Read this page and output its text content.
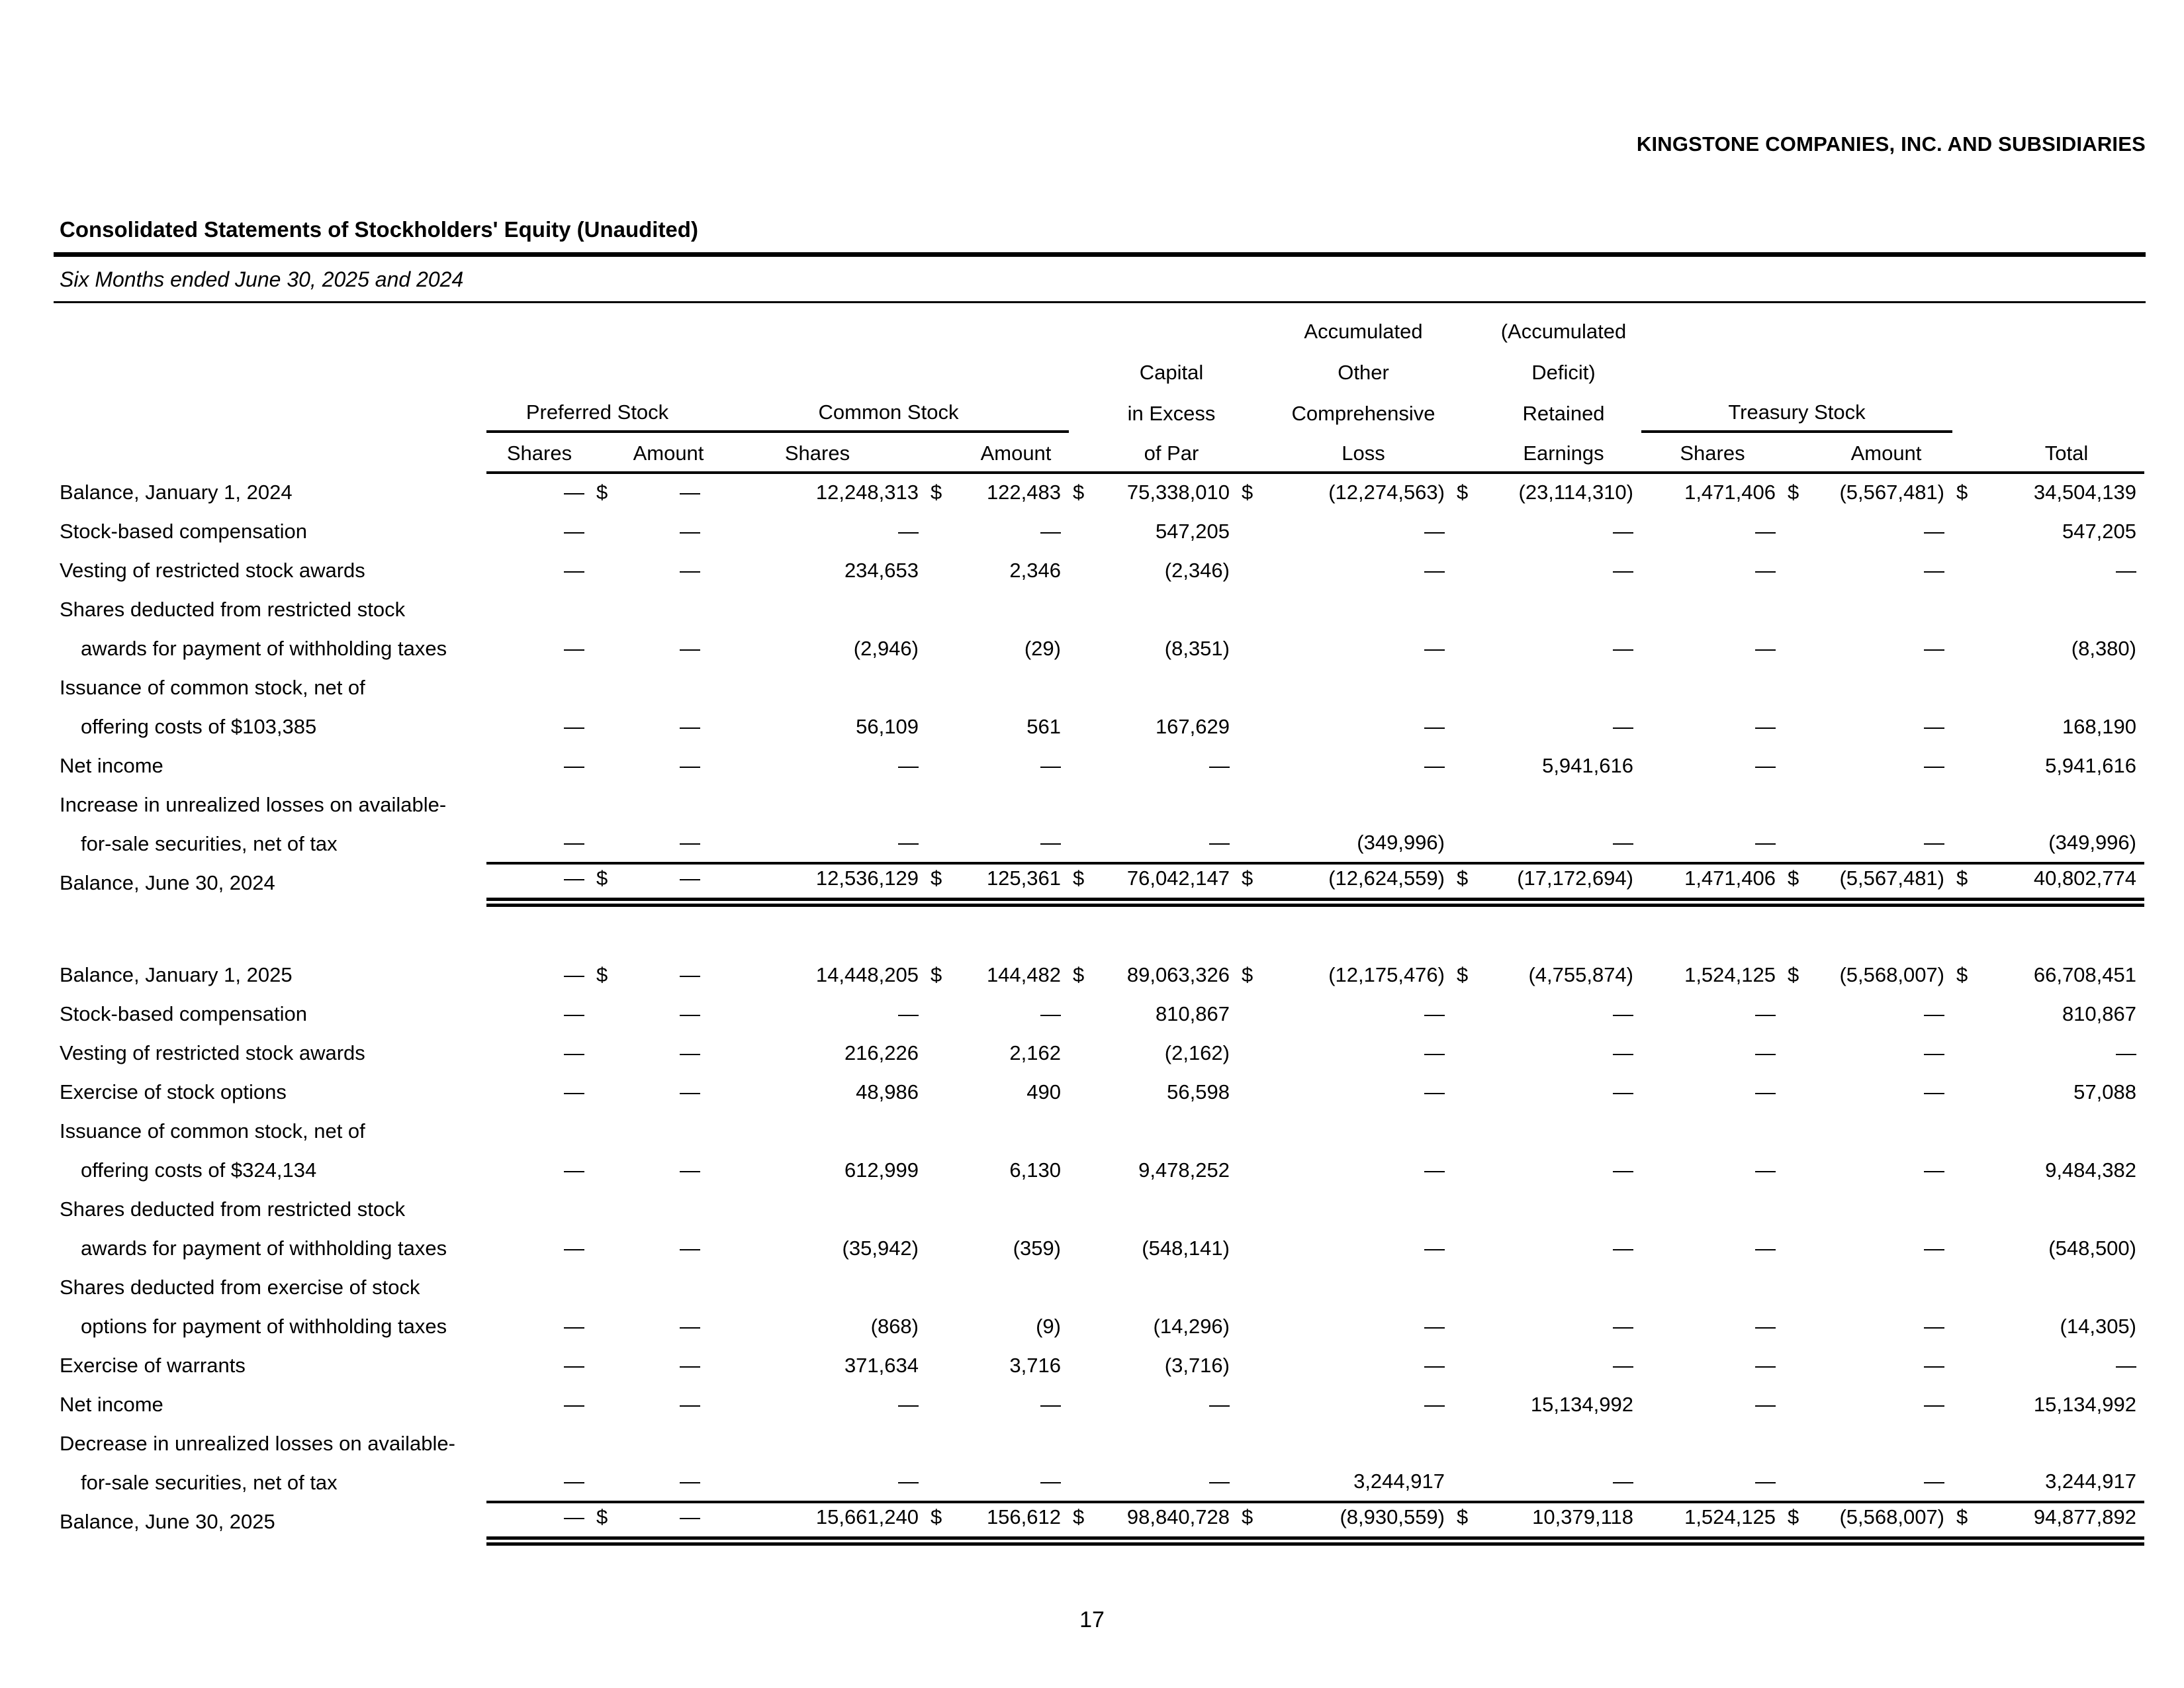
KINGSTONE COMPANIES, INC. AND SUBSIDIARIES
Consolidated Statements of Stockholders' Equity (Unaudited)
Six Months ended June 30, 2025 and 2024
										Accumulated		(Accumulated					
								Capital		Other		Deficit)					
	Preferred Stock			Common Stock				in Excess		Comprehensive		Retained	Treasury Stock				
	Shares		Amount	Shares		Amount		of Par		Loss		Earnings	Shares		Amount		Total
Balance, January 1, 2024	—	$	—	12,248,313	$	122,483	$	75,338,010	$	(12,274,563)	$	(23,114,310)	1,471,406	$	(5,567,481)	$	34,504,139
Stock-based compensation	—		—	—		—		547,205		—		—	—		—		547,205
Vesting of restricted stock awards	—		—	234,653		2,346		(2,346)		—		—	—		—		—
Shares deducted from restricted stock																	
awards for payment of withholding taxes	—		—	(2,946)		(29)		(8,351)		—		—	—		—		(8,380)
Issuance of common stock, net of																	
offering costs of $103,385	—		—	56,109		561		167,629		—		—	—		—		168,190
Net income	—		—	—		—		—		—		5,941,616	—		—		5,941,616
Increase in unrealized losses on available-																	
for-sale securities, net of tax	—		—	—		—		—		(349,996)		—	—		—		(349,996)
Balance, June 30, 2024	—	$	—	12,536,129	$	125,361	$	76,042,147	$	(12,624,559)	$	(17,172,694)	1,471,406	$	(5,567,481)	$	40,802,774

Balance, January 1, 2025	—	$	—	14,448,205	$	144,482	$	89,063,326	$	(12,175,476)	$	(4,755,874)	1,524,125	$	(5,568,007)	$	66,708,451
Stock-based compensation	—		—	—		—		810,867		—		—	—		—		810,867
Vesting of restricted stock awards	—		—	216,226		2,162		(2,162)		—		—	—		—		—
Exercise of stock options	—		—	48,986		490		56,598		—		—	—		—		57,088
Issuance of common stock, net of																	
offering costs of $324,134	—		—	612,999		6,130		9,478,252		—		—	—		—		9,484,382
Shares deducted from restricted stock																	
awards for payment of withholding taxes	—		—	(35,942)		(359)		(548,141)		—		—	—		—		(548,500)
Shares deducted from exercise of stock																	
options for payment of withholding taxes	—		—	(868)		(9)		(14,296)		—		—	—		—		(14,305)
Exercise of warrants	—		—	371,634		3,716		(3,716)		—		—	—		—		—
Net income	—		—	—		—		—		—		15,134,992	—		—		15,134,992
Decrease in unrealized losses on available-																	
for-sale securities, net of tax	—		—	—		—		—		3,244,917		—	—		—		3,244,917
Balance, June 30, 2025	—	$	—	15,661,240	$	156,612	$	98,840,728	$	(8,930,559)	$	10,379,118	1,524,125	$	(5,568,007)	$	94,877,892
17
